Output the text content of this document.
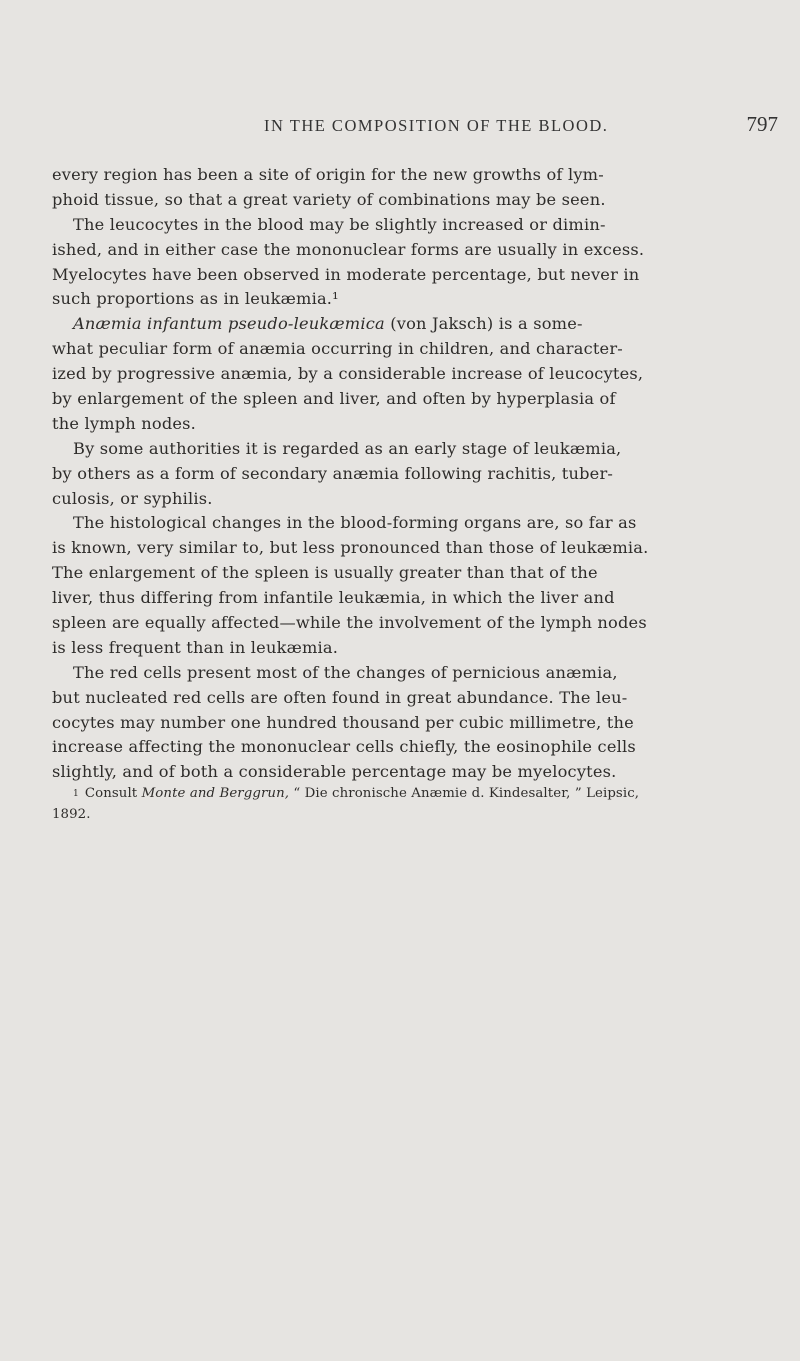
IN THE COMPOSITION OF THE BLOOD.	797
every region has been a site of origin for the new growths of lym-
phoid tissue, so that a great variety of combinations may be seen.
The leucocytes in the blood may be slightly increased or dimin-
ished, and in either case the mononuclear forms are usually in excess.
Myelocytes have been observed in moderate percentage, but never in
such proportions as in leukæmia.¹
Anæmia infantum pseudo-leukæmica (von Jaksch) is a some-
what peculiar form of anæmia occurring in children, and character-
ized by progressive anæmia, by a considerable increase of leucocytes,
by enlargement of the spleen and liver, and often by hyperplasia of
the lymph nodes.
By some authorities it is regarded as an early stage of leukæmia,
by others as a form of secondary anæmia following rachitis, tuber-
culosis, or syphilis.
The histological changes in the blood-forming organs are, so far as
is known, very similar to, but less pronounced than those of leukæmia.
The enlargement of the spleen is usually greater than that of the
liver, thus differing from infantile leukæmia, in which the liver and
spleen are equally affected—while the involvement of the lymph nodes
is less frequent than in leukæmia.
The red cells present most of the changes of pernicious anæmia,
but nucleated red cells are often found in great abundance. The leu-
cocytes may number one hundred thousand per cubic millimetre, the
increase affecting the mononuclear cells chiefly, the eosinophile cells
slightly, and of both a considerable percentage may be myelocytes.
$^1$ Consult Monte and Berggrun, “ Die chronische Anæmie d. Kindesalter, ” Leipsic,
1892.
